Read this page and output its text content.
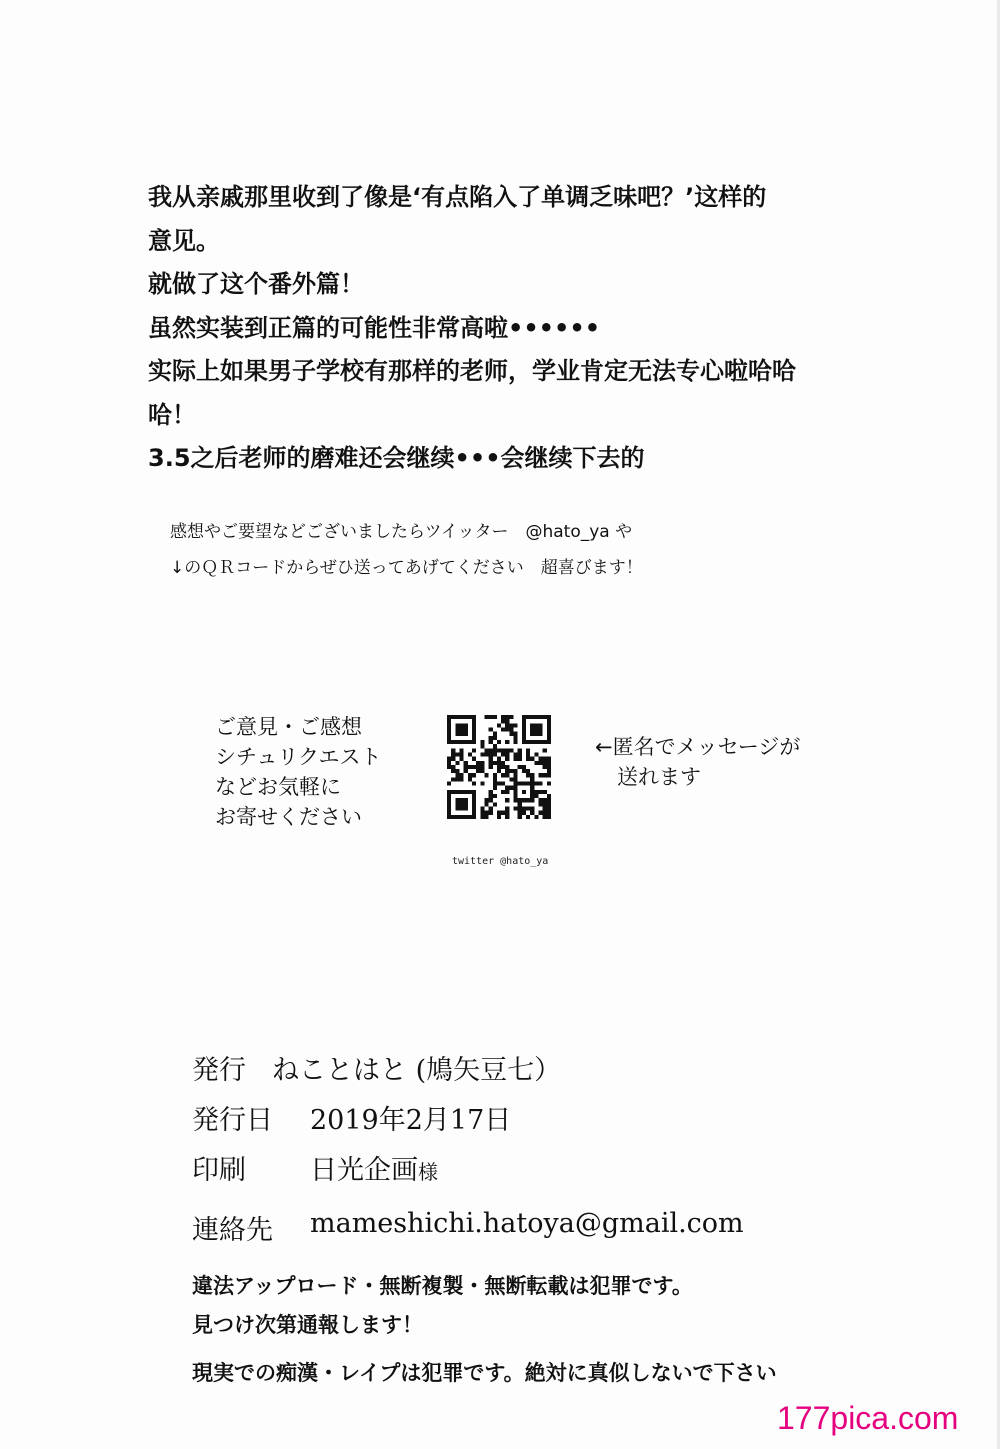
我从亲戚那里收到了像是‘有点陷入了单调乏味吧？’这样的
意见。
就做了这个番外篇！
虽然实装到正篇的可能性非常高啦••••••
实际上如果男子学校有那样的老师，学业肯定无法专心啦哈哈
哈！
3.5之后老师的磨难还会继续•••会继续下去的
感想やご要望などございましたらツイッター　@hato_ya や
↓のＱＲコードからぜひ送ってあげてください　超喜びます！
ご意見・ご感想
シチュリクエスト
などお気軽に
お寄せください
←匿名でメッセージが
送れます
twitter @hato_ya
発行 ねことはと (鳩矢豆七）
発行日 2019年2月17日
印刷 日光企画様
連絡先 mameshichi.hatoya@gmail.com
違法アップロード・無断複製・無断転載は犯罪です。
見つけ次第通報します！
現実での痴漢・レイプは犯罪です。絶対に真似しないで下さい
177pica.com
